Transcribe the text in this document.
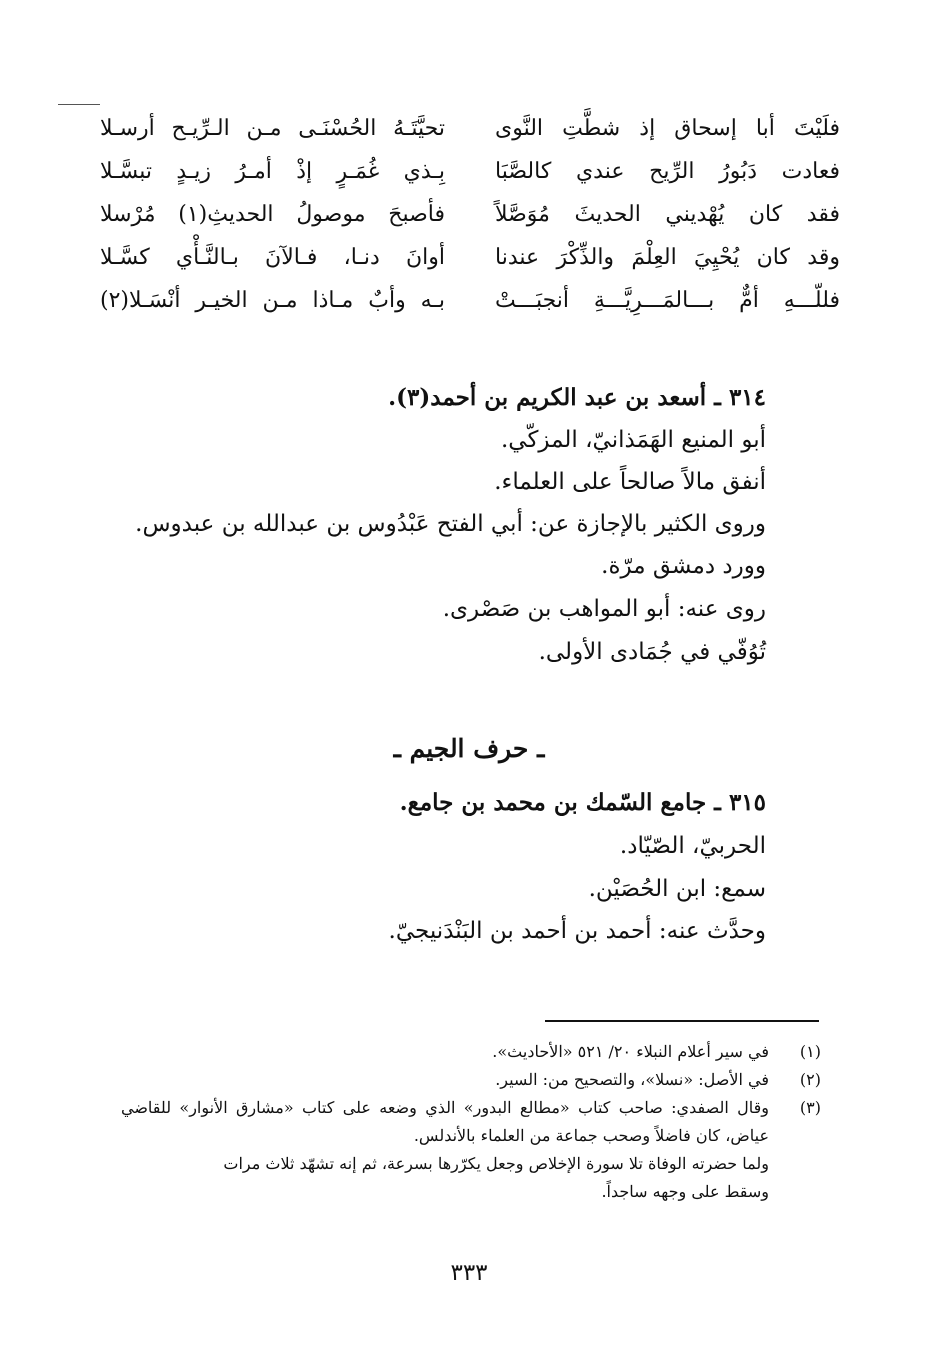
فلَيْتَ أبا إسحاق إذ شطَّتِ النَّوى
تحيَّتَـهُ الحُسْنَـى مـن الـرِّيـح أرسـلا
فعادت دَبُورُ الرِّيح عندي كالصَّبَا
بِـذي غُمَـرٍ إذْ أمـرُ زيـدٍ تبسَّـلا
فقد كان يُهْديني الحديثَ مُوَصَّلاً
فأصبحَ موصولُ الحديثِ(١) مُرْسلا
وقد كان يُحْيِيَ العِلْمَ والذِّكْرَ عندنا
أوانَ دنـا، فـالآنَ بـالنَّـأْي كسَّـلا
فللّـــهِ أمٌّ بـــالمَـــرِيَّـــةِ أنجبَـــتْ
بـه وأبٌ مـاذا مـن الخيـر أنْسَـلا(٢)
٣١٤ ـ أسعد بن عبد الكريم بن أحمد(٣).
أبو المنيع الهَمَذانيّ، المزكّي.
أنفق مالاً صالحاً على العلماء.
وروى الكثير بالإجازة عن: أبي الفتح عَبْدُوس بن عبدالله بن عبدوس.
وورد دمشق مرّة.
روى عنه: أبو المواهب بن صَصْرى.
تُوُفّي في جُمَادى الأولى.
ـ حرف الجيم ـ
٣١٥ ـ جامع السّمك بن محمد بن جامع.
الحربيّ، الصّيّاد.
سمع: ابن الحُصَيْن.
وحدَّث عنه: أحمد بن أحمد بن البَنْدَنيجيّ.
(١)
في سير أعلام النبلاء ٢٠/ ٥٢١ «الأحاديث».
(٢)
في الأصل: «نسلا»، والتصحيح من: السير.
(٣)
وقال الصفدي: صاحب كتاب «مطالع البدور» الذي وضعه على كتاب «مشارق الأنوار» للقاضي عياض، كان فاضلاً وصحب جماعة من العلماء بالأندلس.
ولما حضرته الوفاة تلا سورة الإخلاص وجعل يكرّرها بسرعة، ثم إنه تشهّد ثلاث مرات
وسقط على وجهه ساجداً.
٣٣٣
